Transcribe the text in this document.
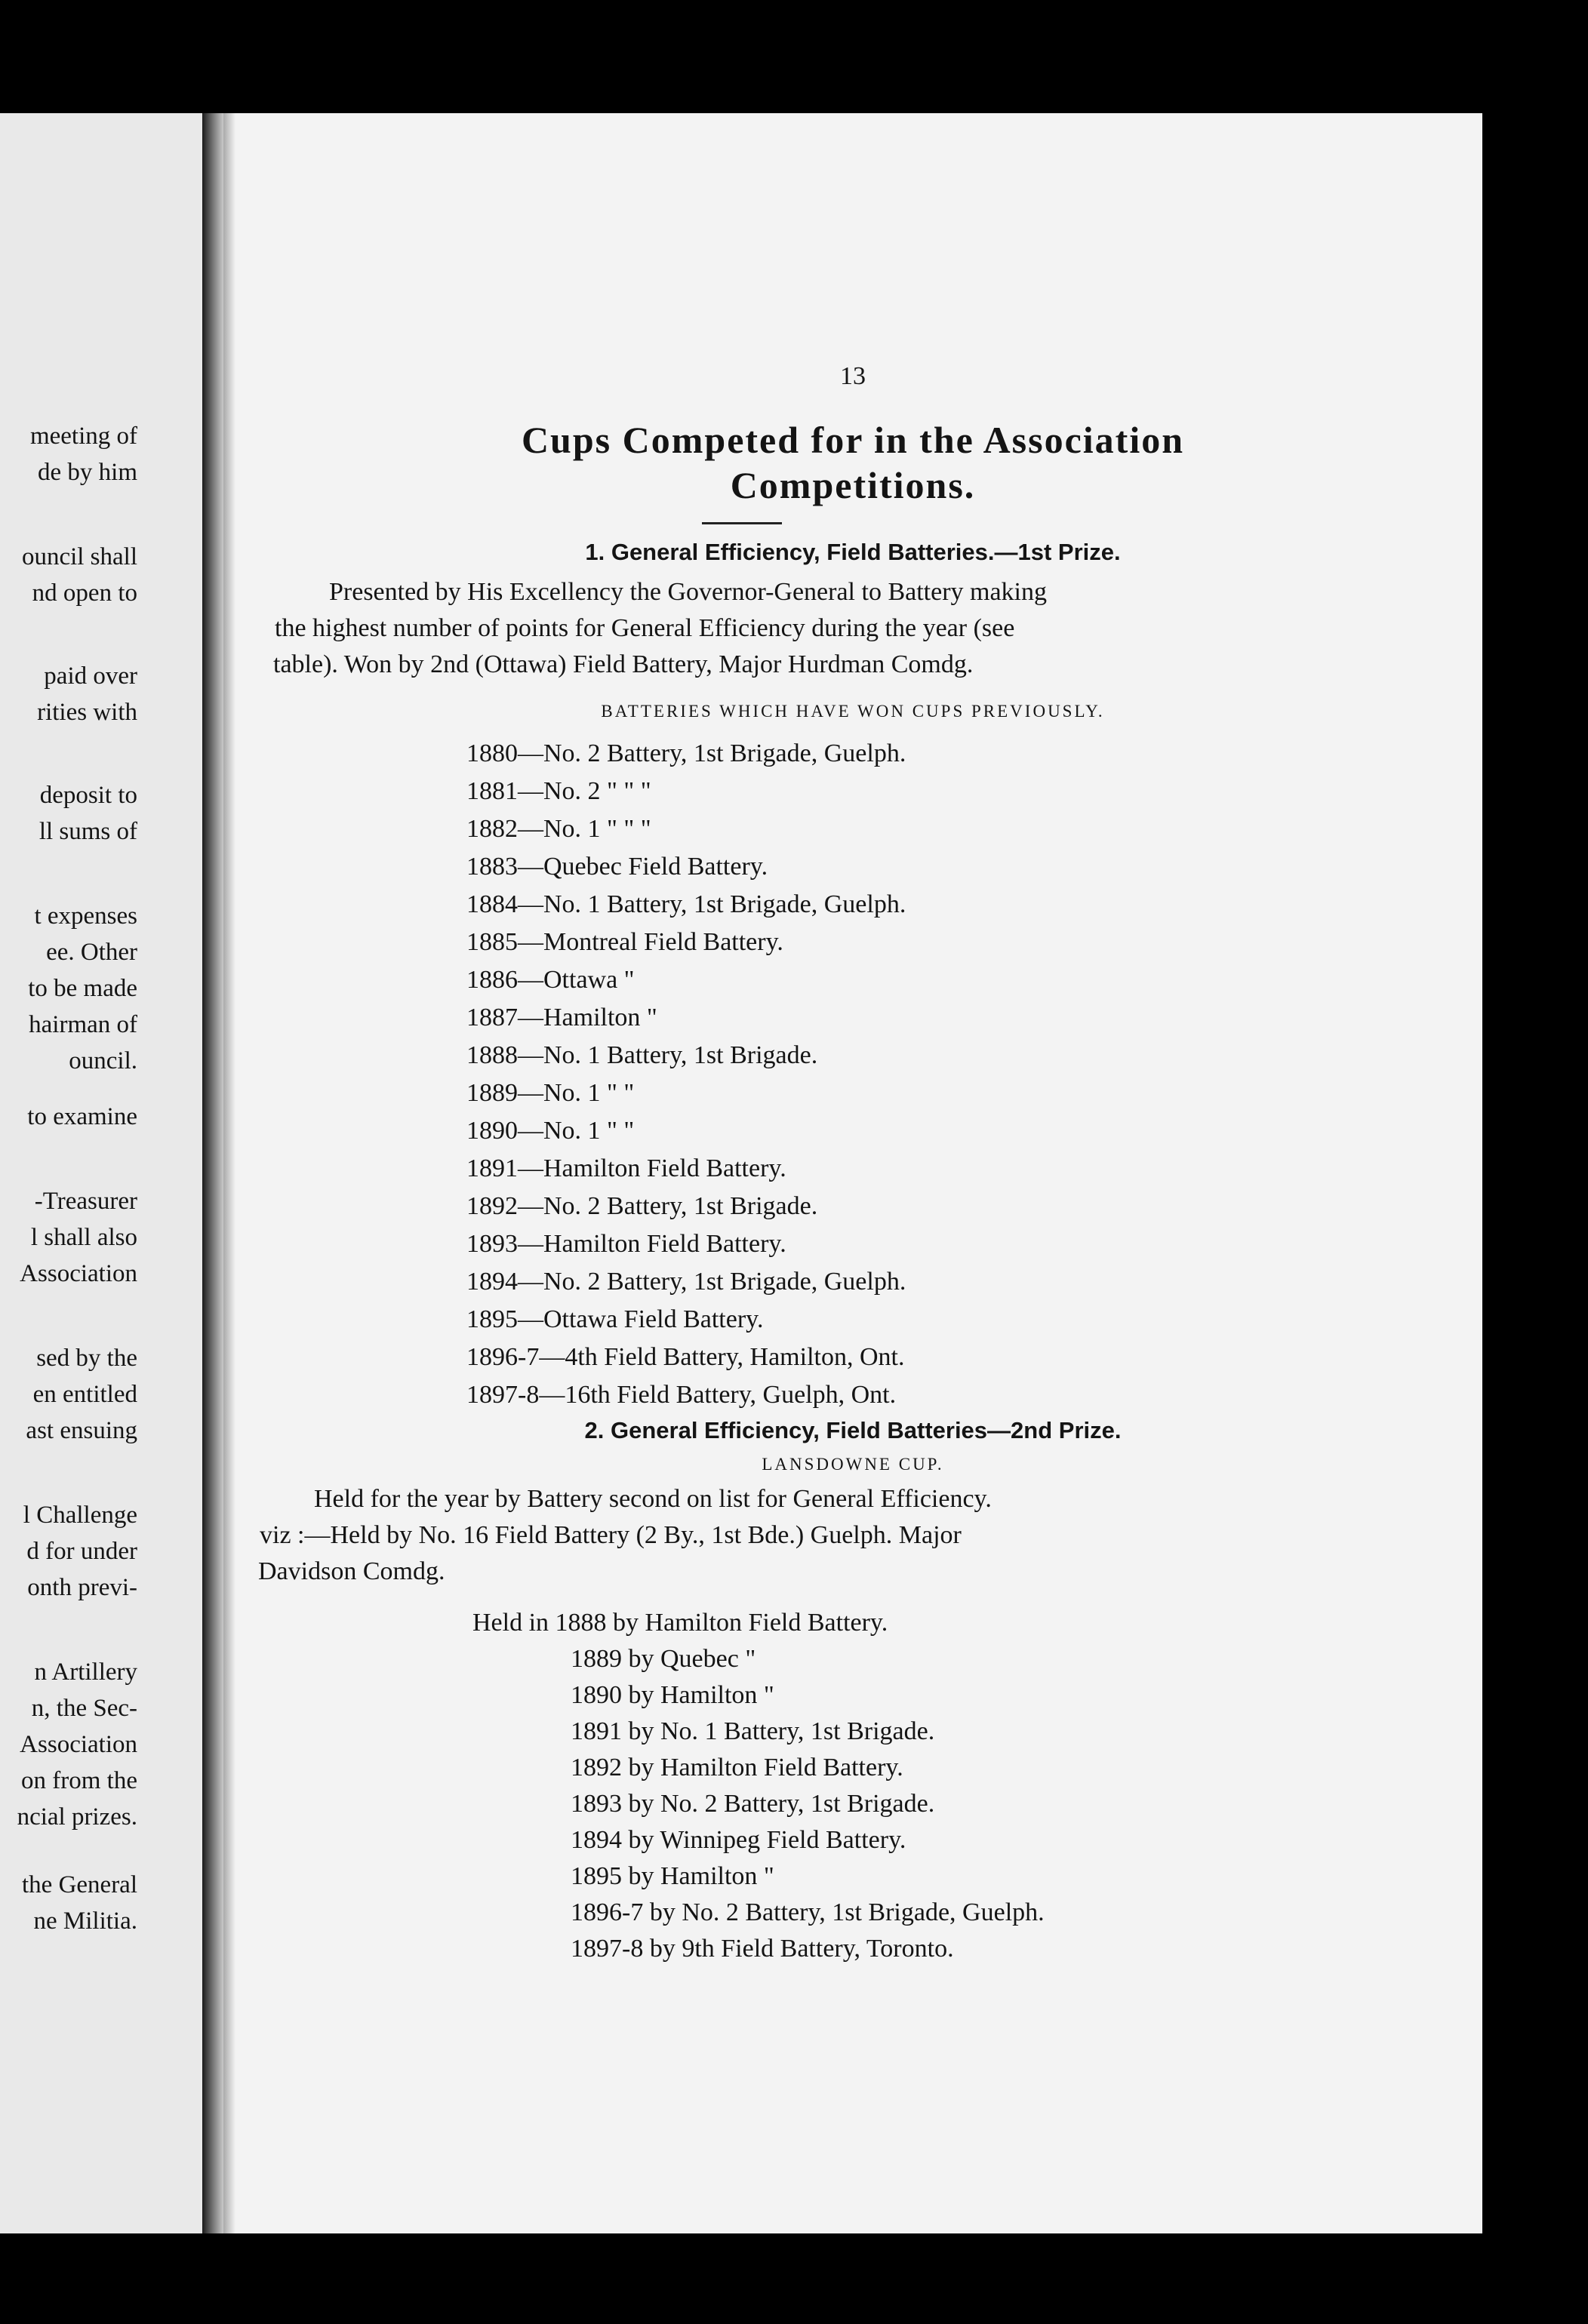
meeting of
de by him
ouncil shall
nd open to
paid over
rities with
deposit to
ll sums of
t expenses
ee. Other
to be made
hairman of
ouncil.
to examine
-Treasurer
l shall also
Association
sed by the
en entitled
ast ensuing
l Challenge
d for under
onth previ-
n Artillery
n, the Sec-
Association
on from the
ncial prizes.
the General
ne Militia.
13
Cups Competed for in the Association
Competitions.
1. General Efficiency, Field Batteries.—1st Prize.
Presented by His Excellency the Governor-General to Battery making
the highest number of points for General Efficiency during the year (see
table). Won by 2nd (Ottawa) Field Battery, Major Hurdman Comdg.
BATTERIES WHICH HAVE WON CUPS PREVIOUSLY.
1880—No. 2 Battery, 1st Brigade, Guelph.
1881—No. 2 " " "
1882—No. 1 " " "
1883—Quebec Field Battery.
1884—No. 1 Battery, 1st Brigade, Guelph.
1885—Montreal Field Battery.
1886—Ottawa "
1887—Hamilton "
1888—No. 1 Battery, 1st Brigade.
1889—No. 1 " "
1890—No. 1 " "
1891—Hamilton Field Battery.
1892—No. 2 Battery, 1st Brigade.
1893—Hamilton Field Battery.
1894—No. 2 Battery, 1st Brigade, Guelph.
1895—Ottawa Field Battery.
1896-7—4th Field Battery, Hamilton, Ont.
1897-8—16th Field Battery, Guelph, Ont.
2. General Efficiency, Field Batteries—2nd Prize.
LANSDOWNE CUP.
Held for the year by Battery second on list for General Efficiency.
viz :—Held by No. 16 Field Battery (2 By., 1st Bde.) Guelph. Major
Davidson Comdg.
Held in 1888 by Hamilton Field Battery.
1889 by Quebec "
1890 by Hamilton "
1891 by No. 1 Battery, 1st Brigade.
1892 by Hamilton Field Battery.
1893 by No. 2 Battery, 1st Brigade.
1894 by Winnipeg Field Battery.
1895 by Hamilton "
1896-7 by No. 2 Battery, 1st Brigade, Guelph.
1897-8 by 9th Field Battery, Toronto.
